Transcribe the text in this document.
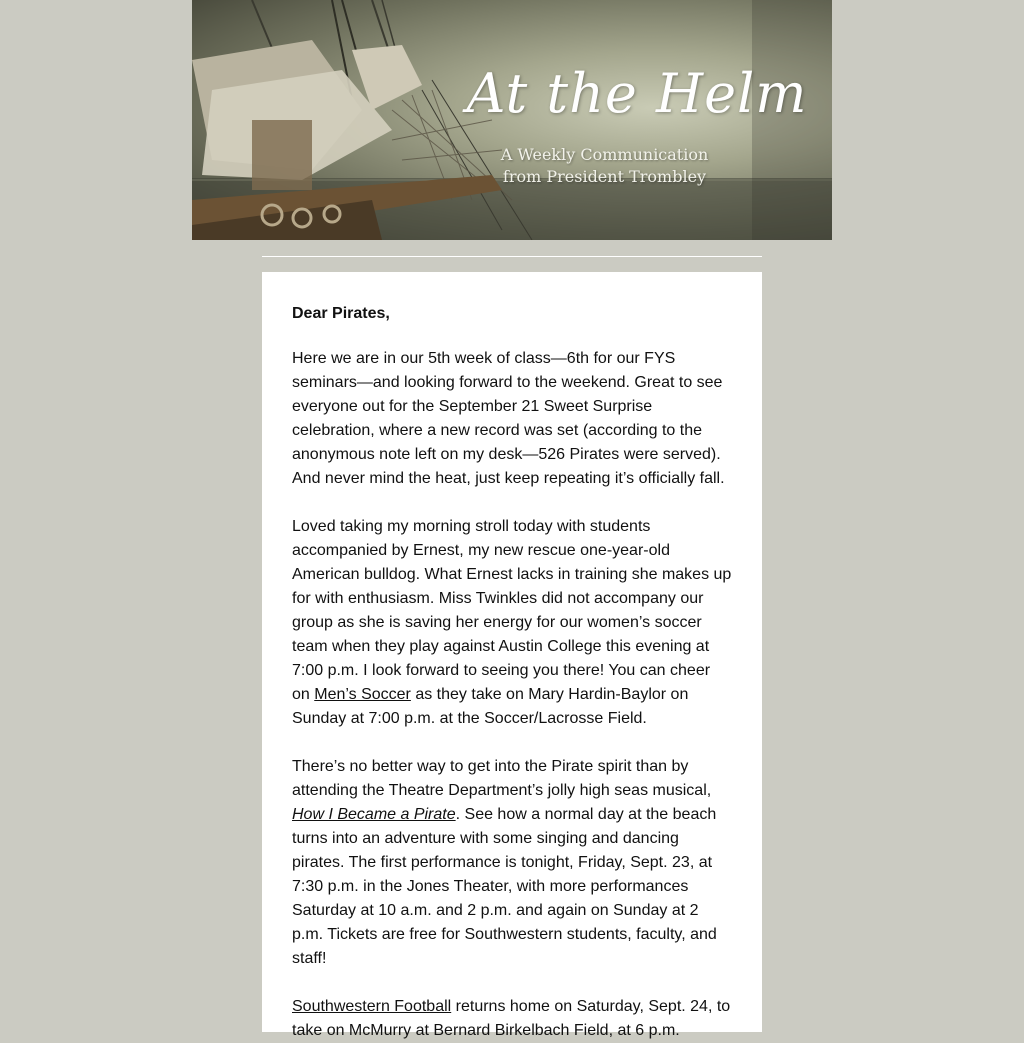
At the Helm
A Weekly Communication
from President Trombley

Dear Pirates,

Here we are in our 5th week of class—6th for our FYS seminars—and looking forward to the weekend. Great to see everyone out for the September 21 Sweet Surprise celebration, where a new record was set (according to the anonymous note left on my desk—526 Pirates were served). And never mind the heat, just keep repeating it’s officially fall.

Loved taking my morning stroll today with students accompanied by Ernest, my new rescue one-year-old American bulldog. What Ernest lacks in training she makes up for with enthusiasm. Miss Twinkles did not accompany our group as she is saving her energy for our women’s soccer team when they play against Austin College this evening at 7:00 p.m. I look forward to seeing you there! You can cheer on Men’s Soccer as they take on Mary Hardin-Baylor on Sunday at 7:00 p.m. at the Soccer/Lacrosse Field.

There’s no better way to get into the Pirate spirit than by attending the Theatre Department’s jolly high seas musical, How I Became a Pirate. See how a normal day at the beach turns into an adventure with some singing and dancing pirates. The first performance is tonight, Friday, Sept. 23, at 7:30 p.m. in the Jones Theater, with more performances Saturday at 10 a.m. and 2 p.m. and again on Sunday at 2 p.m. Tickets are free for Southwestern students, faculty, and staff!

Southwestern Football returns home on Saturday, Sept. 24, to take on McMurry at Bernard Birkelbach Field, at 6 p.m.
